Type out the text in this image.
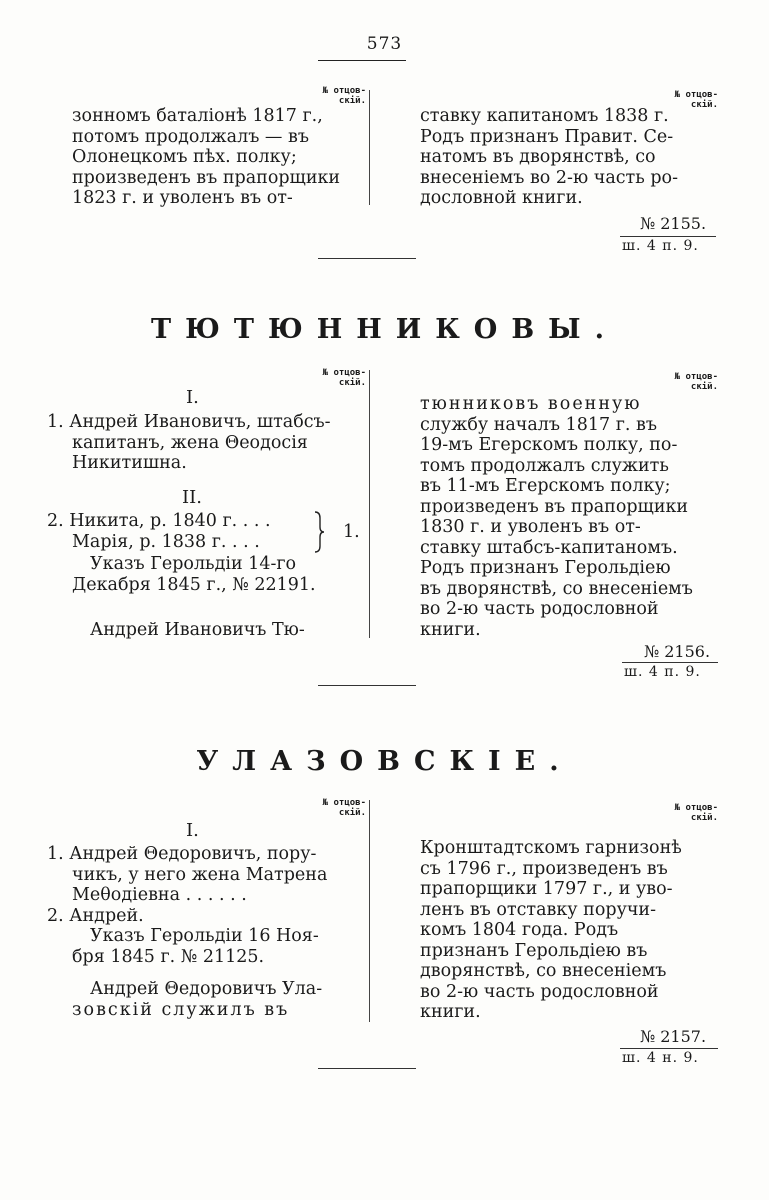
573
№ отцов-
скій.
№ отцов-
скій.
зонномъ баталіонѣ 1817 г.,
потомъ продолжалъ — въ
Олонецкомъ пѣх. полку;
произведенъ въ прапорщики
1823 г. и уволенъ въ от-
ставку капитаномъ 1838 г.
Родъ признанъ Правит. Се-
натомъ въ дворянствѣ, со
внесеніемъ во 2-ю часть ро-
дословной книги.
№ 2155.
ш. 4 п. 9.
ТЮТЮННИКОВЫ.
№ отцов-
скій.
№ отцов-
скій.
I.
1. Андрей Ивановичъ, штабсъ-
капитанъ, жена Θеодосія
Никитишна.
II.
2. Никита, р. 1840 г. . . .
Марія, р. 1838 г. . . .	1.
Указъ Герольдіи 14-го
Декабря 1845 г., № 22191.
Андрей Ивановичъ Тю-
тюнниковъ военную
службу началъ 1817 г. въ
19-мъ Егерскомъ полку, по-
томъ продолжалъ служить
въ 11-мъ Егерскомъ полку;
произведенъ въ прапорщики
1830 г. и уволенъ въ от-
ставку штабсъ-капитаномъ.
Родъ признанъ Герольдіею
въ дворянствѣ, со внесеніемъ
во 2-ю часть родословной
книги.
№ 2156.
ш. 4 п. 9.
УЛАЗОВСКІЕ.
№ отцов-
скій.	№ отцов-
скій.
I.
1. Андрей Θедоровичъ, пору-
чикъ, у него жена Матрена
Меθодіевна . . . . . .
2. Андрей.
Указъ Герольдіи 16 Ноя-
бря 1845 г. № 21125.
Андрей Θедоровичъ Ула-
зовскій служилъ въ
Кронштадтскомъ гарнизонѣ
съ 1796 г., произведенъ въ
прапорщики 1797 г., и уво-
ленъ въ отставку поручи-
комъ 1804 года. Родъ
признанъ Герольдіею въ
дворянствѣ, со внесеніемъ
во 2-ю часть родословной
книги.
№ 2157.
ш. 4 н. 9.
